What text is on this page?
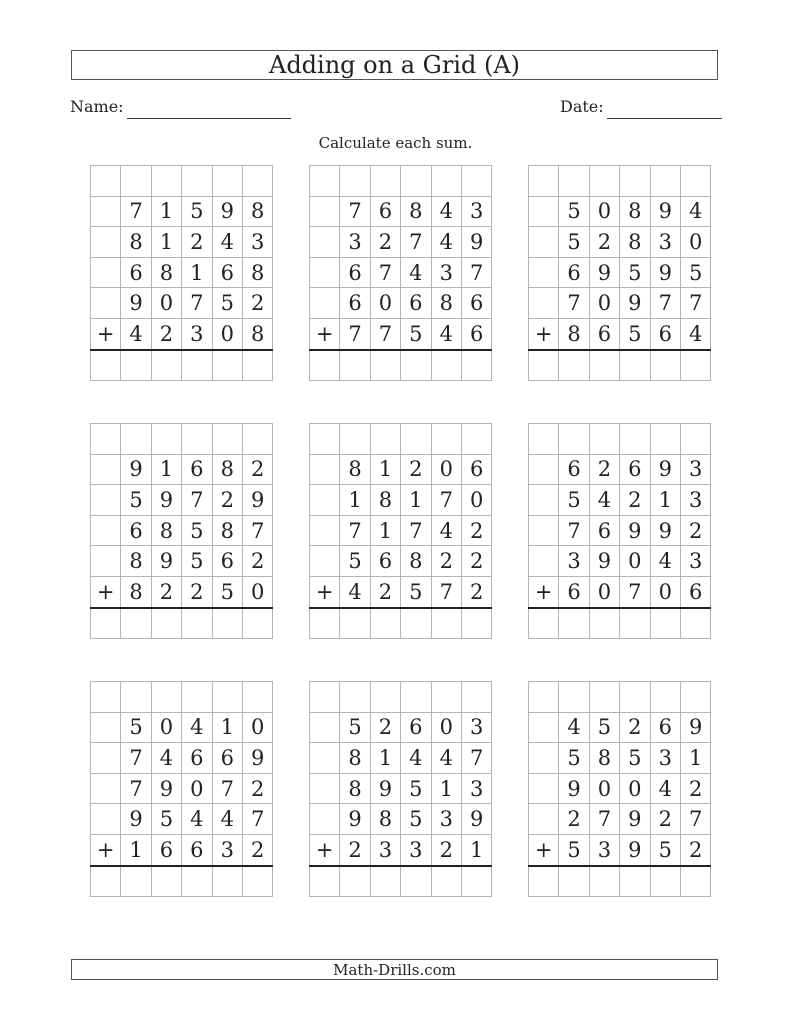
Adding on a Grid (A)
Name:	Date:
Calculate each sum.

	7	1	5	9	8
	8	1	2	4	3
	6	8	1	6	8
	9	0	7	5	2
+	4	2	3	0	8

	7	6	8	4	3
	3	2	7	4	9
	6	7	4	3	7
	6	0	6	8	6
+	7	7	5	4	6

	5	0	8	9	4
	5	2	8	3	0
	6	9	5	9	5
	7	0	9	7	7
+	8	6	5	6	4

	9	1	6	8	2
	5	9	7	2	9
	6	8	5	8	7
	8	9	5	6	2
+	8	2	2	5	0

	8	1	2	0	6
	1	8	1	7	0
	7	1	7	4	2
	5	6	8	2	2
+	4	2	5	7	2

	6	2	6	9	3
	5	4	2	1	3
	7	6	9	9	2
	3	9	0	4	3
+	6	0	7	0	6

	5	0	4	1	0
	7	4	6	6	9
	7	9	0	7	2
	9	5	4	4	7
+	1	6	6	3	2

	5	2	6	0	3
	8	1	4	4	7
	8	9	5	1	3
	9	8	5	3	9
+	2	3	3	2	1

	4	5	2	6	9
	5	8	5	3	1
	9	0	0	4	2
	2	7	9	2	7
+	5	3	9	5	2

Math-Drills.com
